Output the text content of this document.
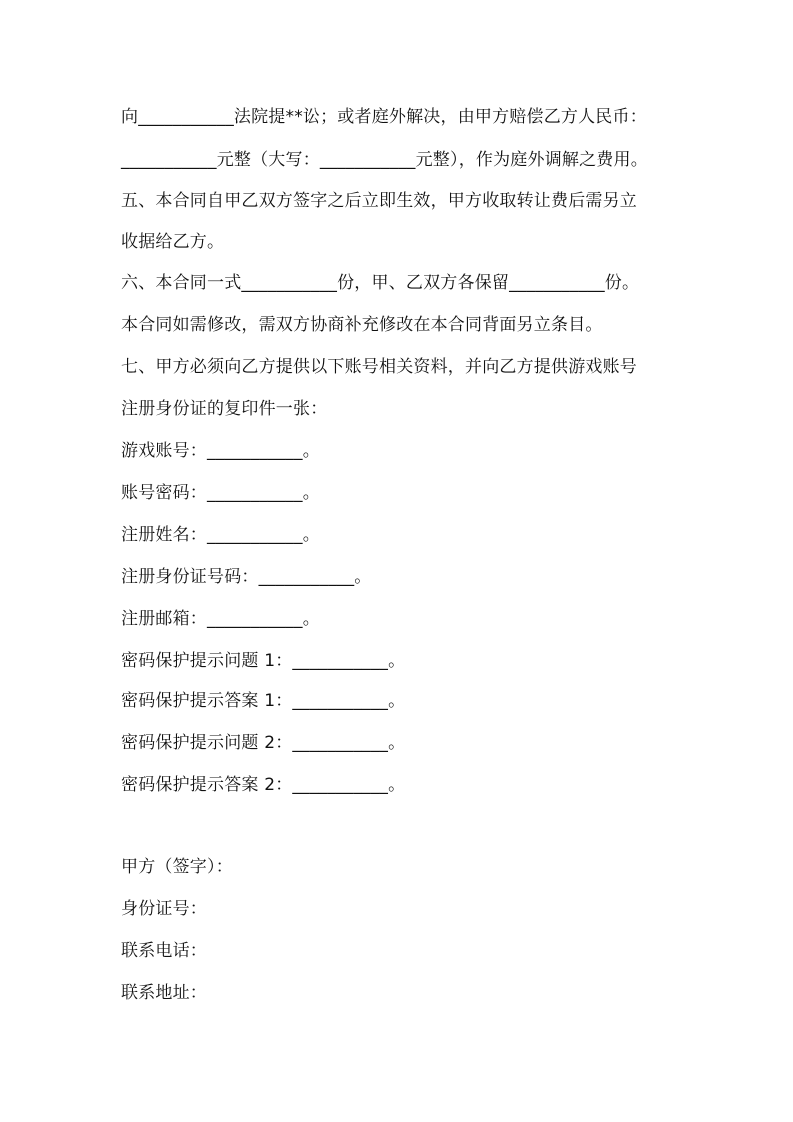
向___________法院提**讼；或者庭外解决，由甲方赔偿乙方人民币：
___________元整（大写：___________元整），作为庭外调解之费用。
五、本合同自甲乙双方签字之后立即生效，甲方收取转让费后需另立
收据给乙方。
六、本合同一式___________份，甲、乙双方各保留___________份。
本合同如需修改，需双方协商补充修改在本合同背面另立条目。
七、甲方必须向乙方提供以下账号相关资料，并向乙方提供游戏账号
注册身份证的复印件一张：
游戏账号：___________。
账号密码：___________。
注册姓名：___________。
注册身份证号码：___________。
注册邮箱：___________。
密码保护提示问题 1：___________。
密码保护提示答案 1：___________。
密码保护提示问题 2：___________。
密码保护提示答案 2：___________。
甲方（签字）：
身份证号：
联系电话：
联系地址：
